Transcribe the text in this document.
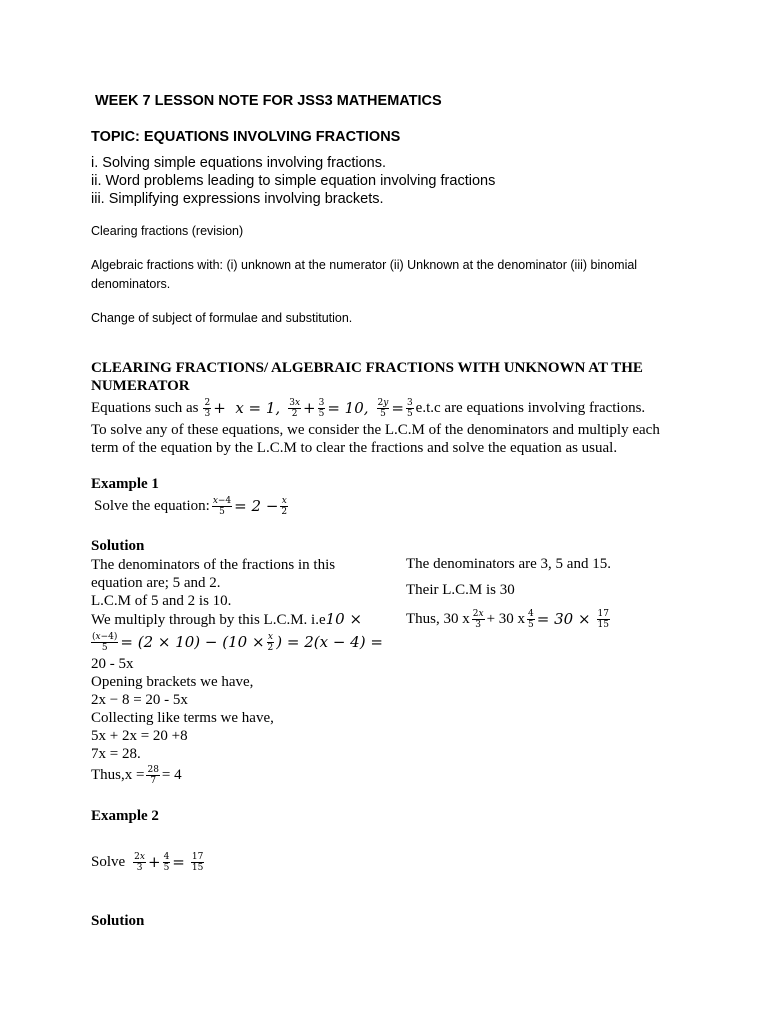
WEEK 7 LESSON NOTE FOR JSS3 MATHEMATICS
TOPIC: EQUATIONS INVOLVING FRACTIONS
i. Solving simple equations involving fractions.
ii. Word problems leading to simple equation involving fractions
iii. Simplifying expressions involving brackets.
Clearing fractions (revision)
Algebraic fractions with: (i) unknown at the numerator (ii) Unknown at the denominator (iii) binomial
denominators.
Change of subject of formulae and substitution.
CLEARING FRACTIONS/ ALGEBRAIC FRACTIONS WITH UNKNOWN AT THE
NUMERATOR
Equations such as $\frac{2}{3} + x = 1$, $\frac{3x}{2} + \frac{3}{5} = 10$, $\frac{2y}{5} = \frac{3}{5} e.t.c$ are equations involving fractions.
To solve any of these equations, we consider the L.C.M of the denominators and multiply each
term of the equation by the L.C.M to clear the fractions and solve the equation as usual.
Example 1
Solve the equation: $\frac{x-4}{5} = 2 - \frac{x}{2}$
Solution
The denominators of the fractions in this
equation are; 5 and 2.
L.C.M of 5 and 2 is 10.
We multiply through by this L.C.M. i.e10 ×
$\frac{(x-4)}{5} = (2 \times 10) - (10 \times \frac{x}{2}$ ) = 2(x − 4) =
20 - 5x
Opening brackets we have,
2x − 8 = 20 - 5x
Collecting like terms we have,
5x + 2x = 20 +8
7x = 28.
Thus,x = $\frac{28}{7} = 4$
The denominators are 3, 5 and 15.
Their L.C.M is 30
Thus, 30 x $\frac{2x}{3} + 30$ x $\frac{4}{5} = 30 \times \frac{17}{15}$
Example 2
Solve $\frac{2x}{3} + \frac{4}{5} = \frac{17}{15}$
Solution
